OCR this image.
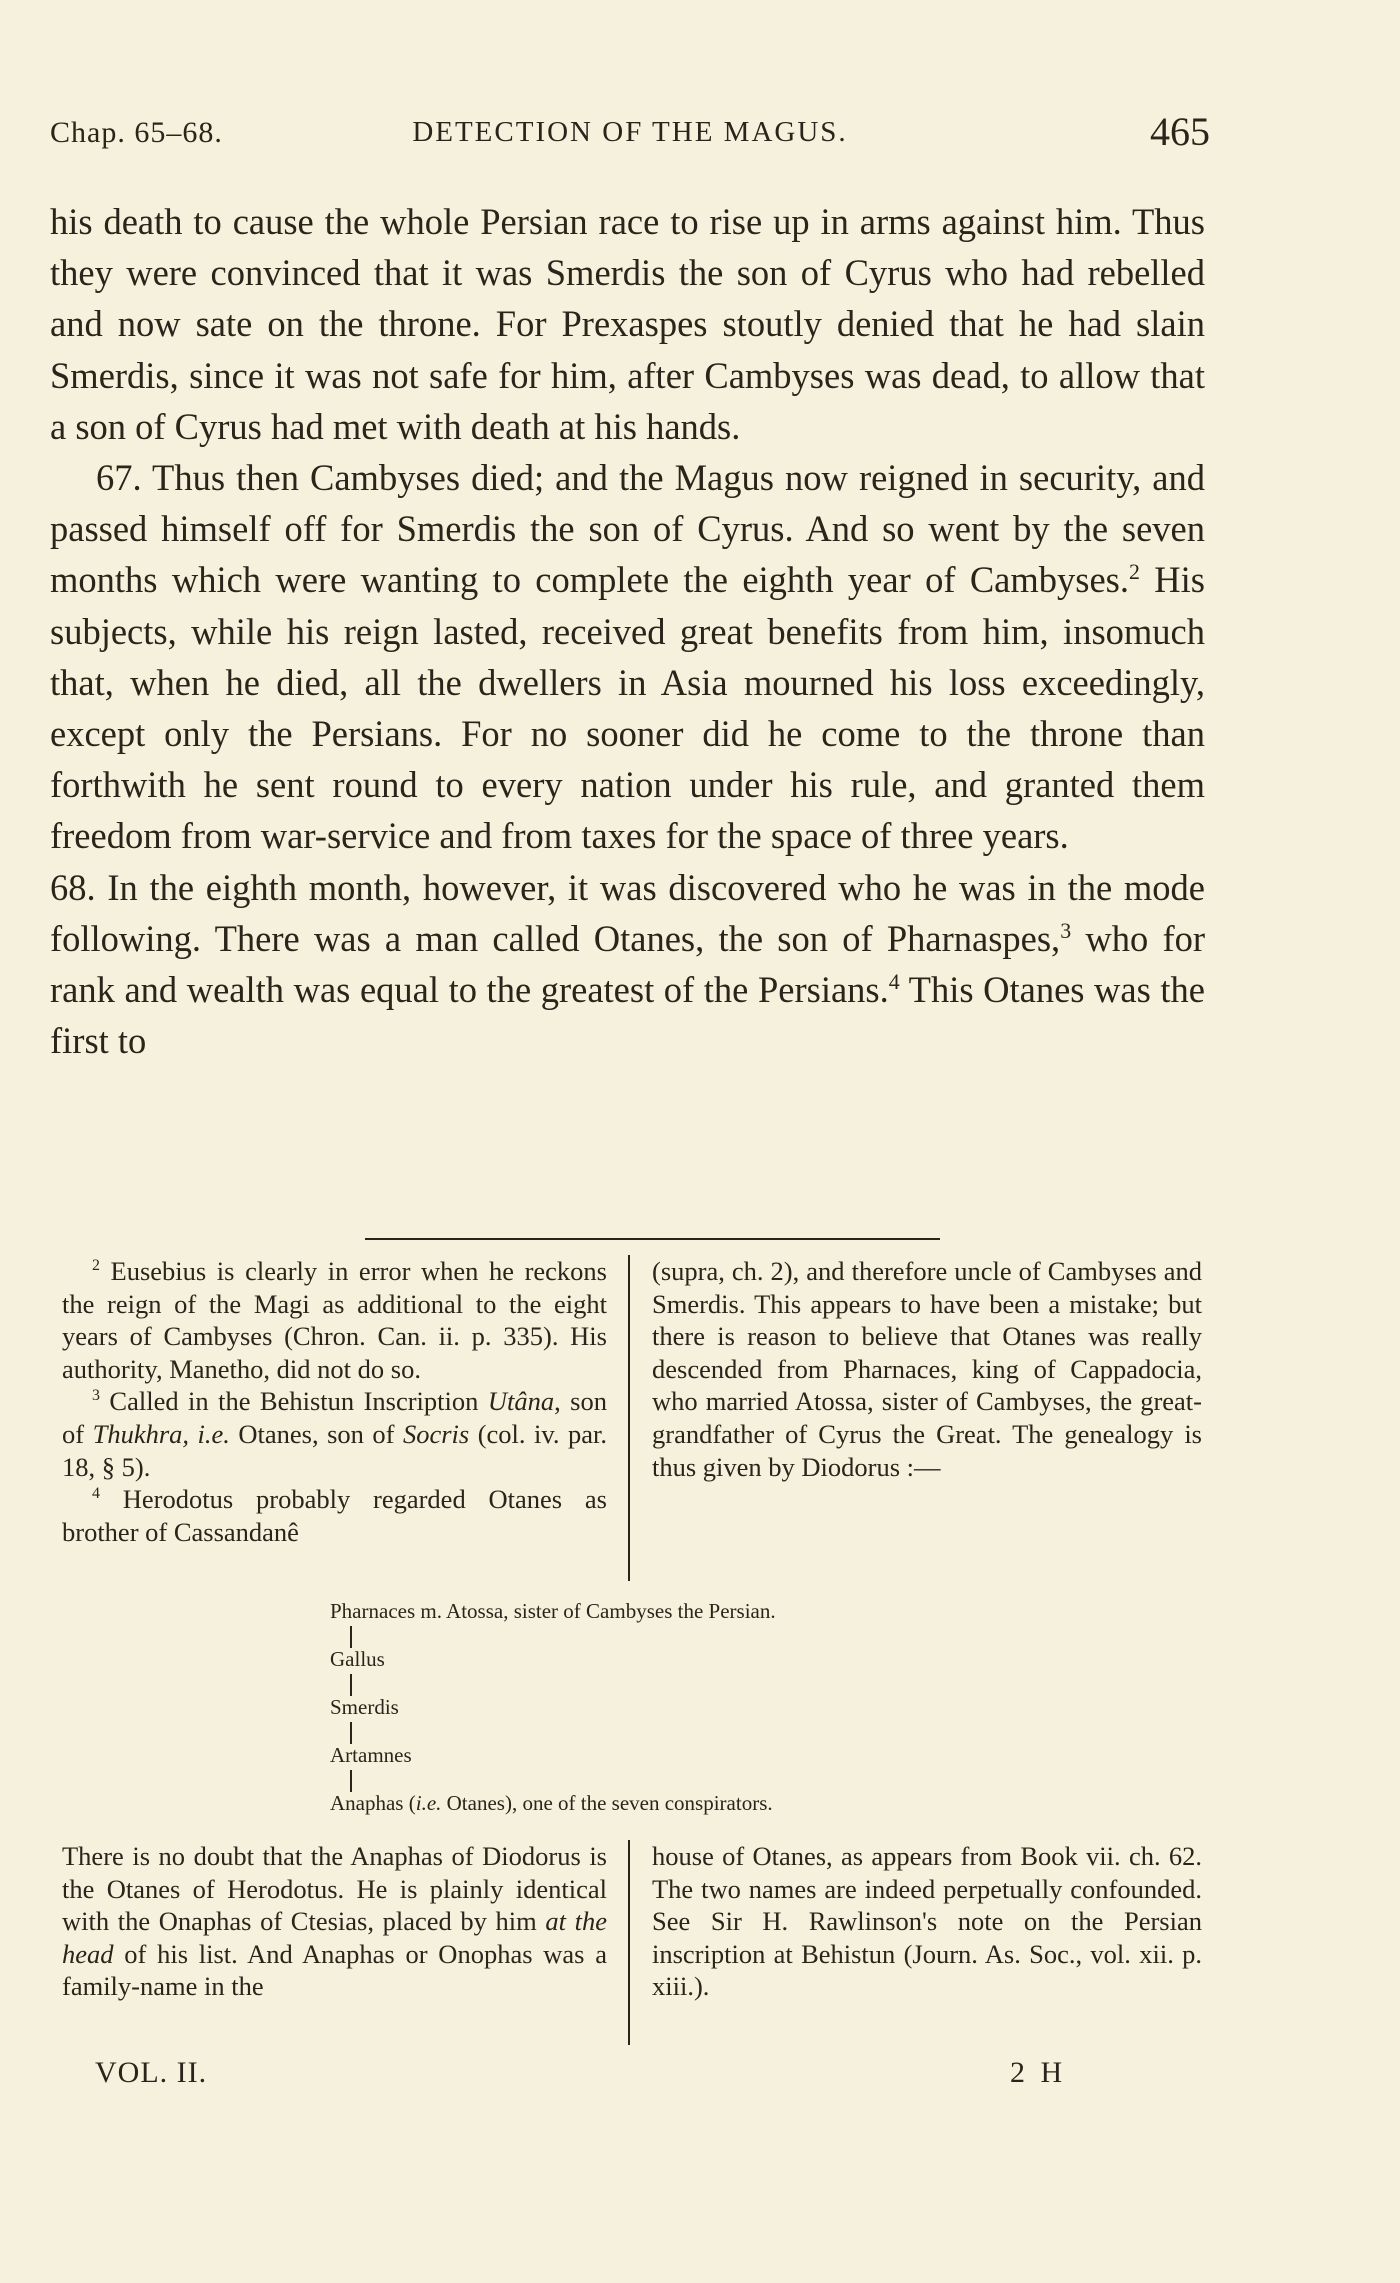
Chap. 65–68.	DETECTION OF THE MAGUS.	465

his death to cause the whole Persian race to rise up in arms against him. Thus they were convinced that it was Smerdis the son of Cyrus who had rebelled and now sate on the throne. For Prexaspes stoutly denied that he had slain Smerdis, since it was not safe for him, after Cambyses was dead, to allow that a son of Cyrus had met with death at his hands.

67. Thus then Cambyses died; and the Magus now reigned in security, and passed himself off for Smerdis the son of Cyrus. And so went by the seven months which were wanting to complete the eighth year of Cambyses.$^2$ His subjects, while his reign lasted, received great benefits from him, insomuch that, when he died, all the dwellers in Asia mourned his loss exceedingly, except only the Persians. For no sooner did he come to the throne than forthwith he sent round to every nation under his rule, and granted them freedom from war-service and from taxes for the space of three years.

68. In the eighth month, however, it was discovered who he was in the mode following. There was a man called Otanes, the son of Pharnaspes,$^3$ who for rank and wealth was equal to the greatest of the Persians.$^4$ This Otanes was the first to

$^2$ Eusebius is clearly in error when he reckons the reign of the Magi as additional to the eight years of Cambyses (Chron. Can. ii. p. 335). His authority, Manetho, did not do so.

$^3$ Called in the Behistun Inscription Utâna, son of Thukhra, i.e. Otanes, son of Socris (col. iv. par. 18, § 5).

$^4$ Herodotus probably regarded Otanes as brother of Cassandanê

(supra, ch. 2), and therefore uncle of Cambyses and Smerdis. This appears to have been a mistake; but there is reason to believe that Otanes was really descended from Pharnaces, king of Cappadocia, who married Atossa, sister of Cambyses, the great-grandfather of Cyrus the Great. The genealogy is thus given by Diodorus :—

Pharnaces m. Atossa, sister of Cambyses the Persian.
Gallus
Smerdis
Artamnes
Anaphas (i.e. Otanes), one of the seven conspirators.

There is no doubt that the Anaphas of Diodorus is the Otanes of Herodotus. He is plainly identical with the Onaphas of Ctesias, placed by him at the head of his list. And Anaphas or Onophas was a family-name in the

house of Otanes, as appears from Book vii. ch. 62. The two names are indeed perpetually confounded. See Sir H. Rawlinson's note on the Persian inscription at Behistun (Journ. As. Soc., vol. xii. p. xiii.).

VOL. II.	2 H
